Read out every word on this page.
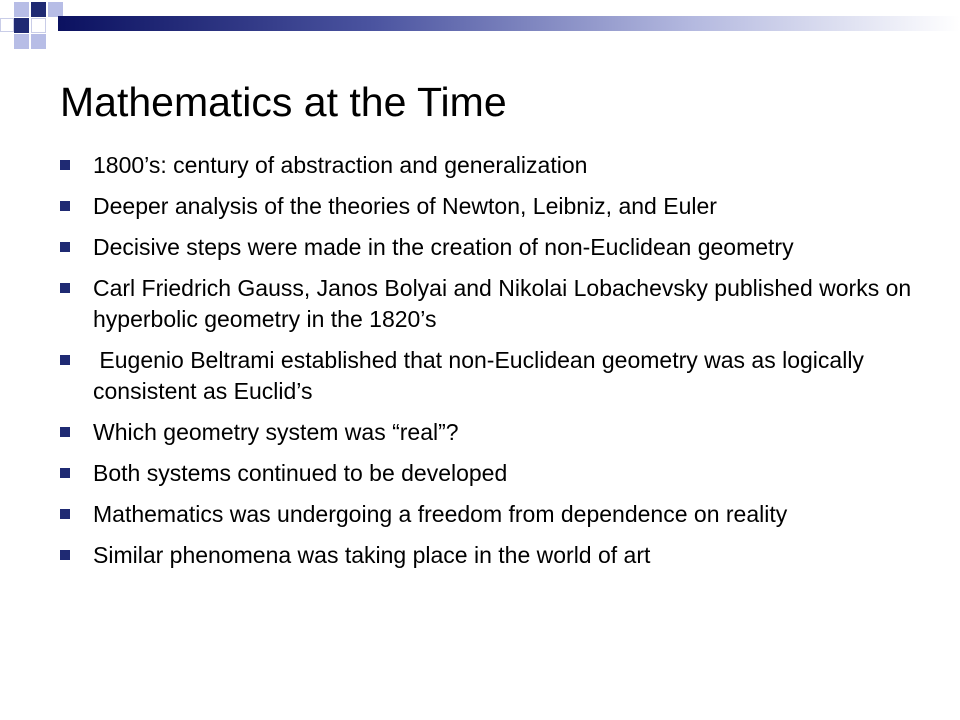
Mathematics at the Time
1800’s: century of abstraction and generalization
Deeper analysis of the theories of Newton, Leibniz, and Euler
Decisive steps were made in the creation of non-Euclidean geometry
Carl Friedrich Gauss, Janos Bolyai and Nikolai Lobachevsky published works on hyperbolic geometry in the 1820’s
Eugenio Beltrami established that non-Euclidean geometry was as logically consistent as Euclid’s
Which geometry system was “real”?
Both systems continued to be developed
Mathematics was undergoing a freedom from dependence on reality
Similar phenomena was taking place in the world of art
